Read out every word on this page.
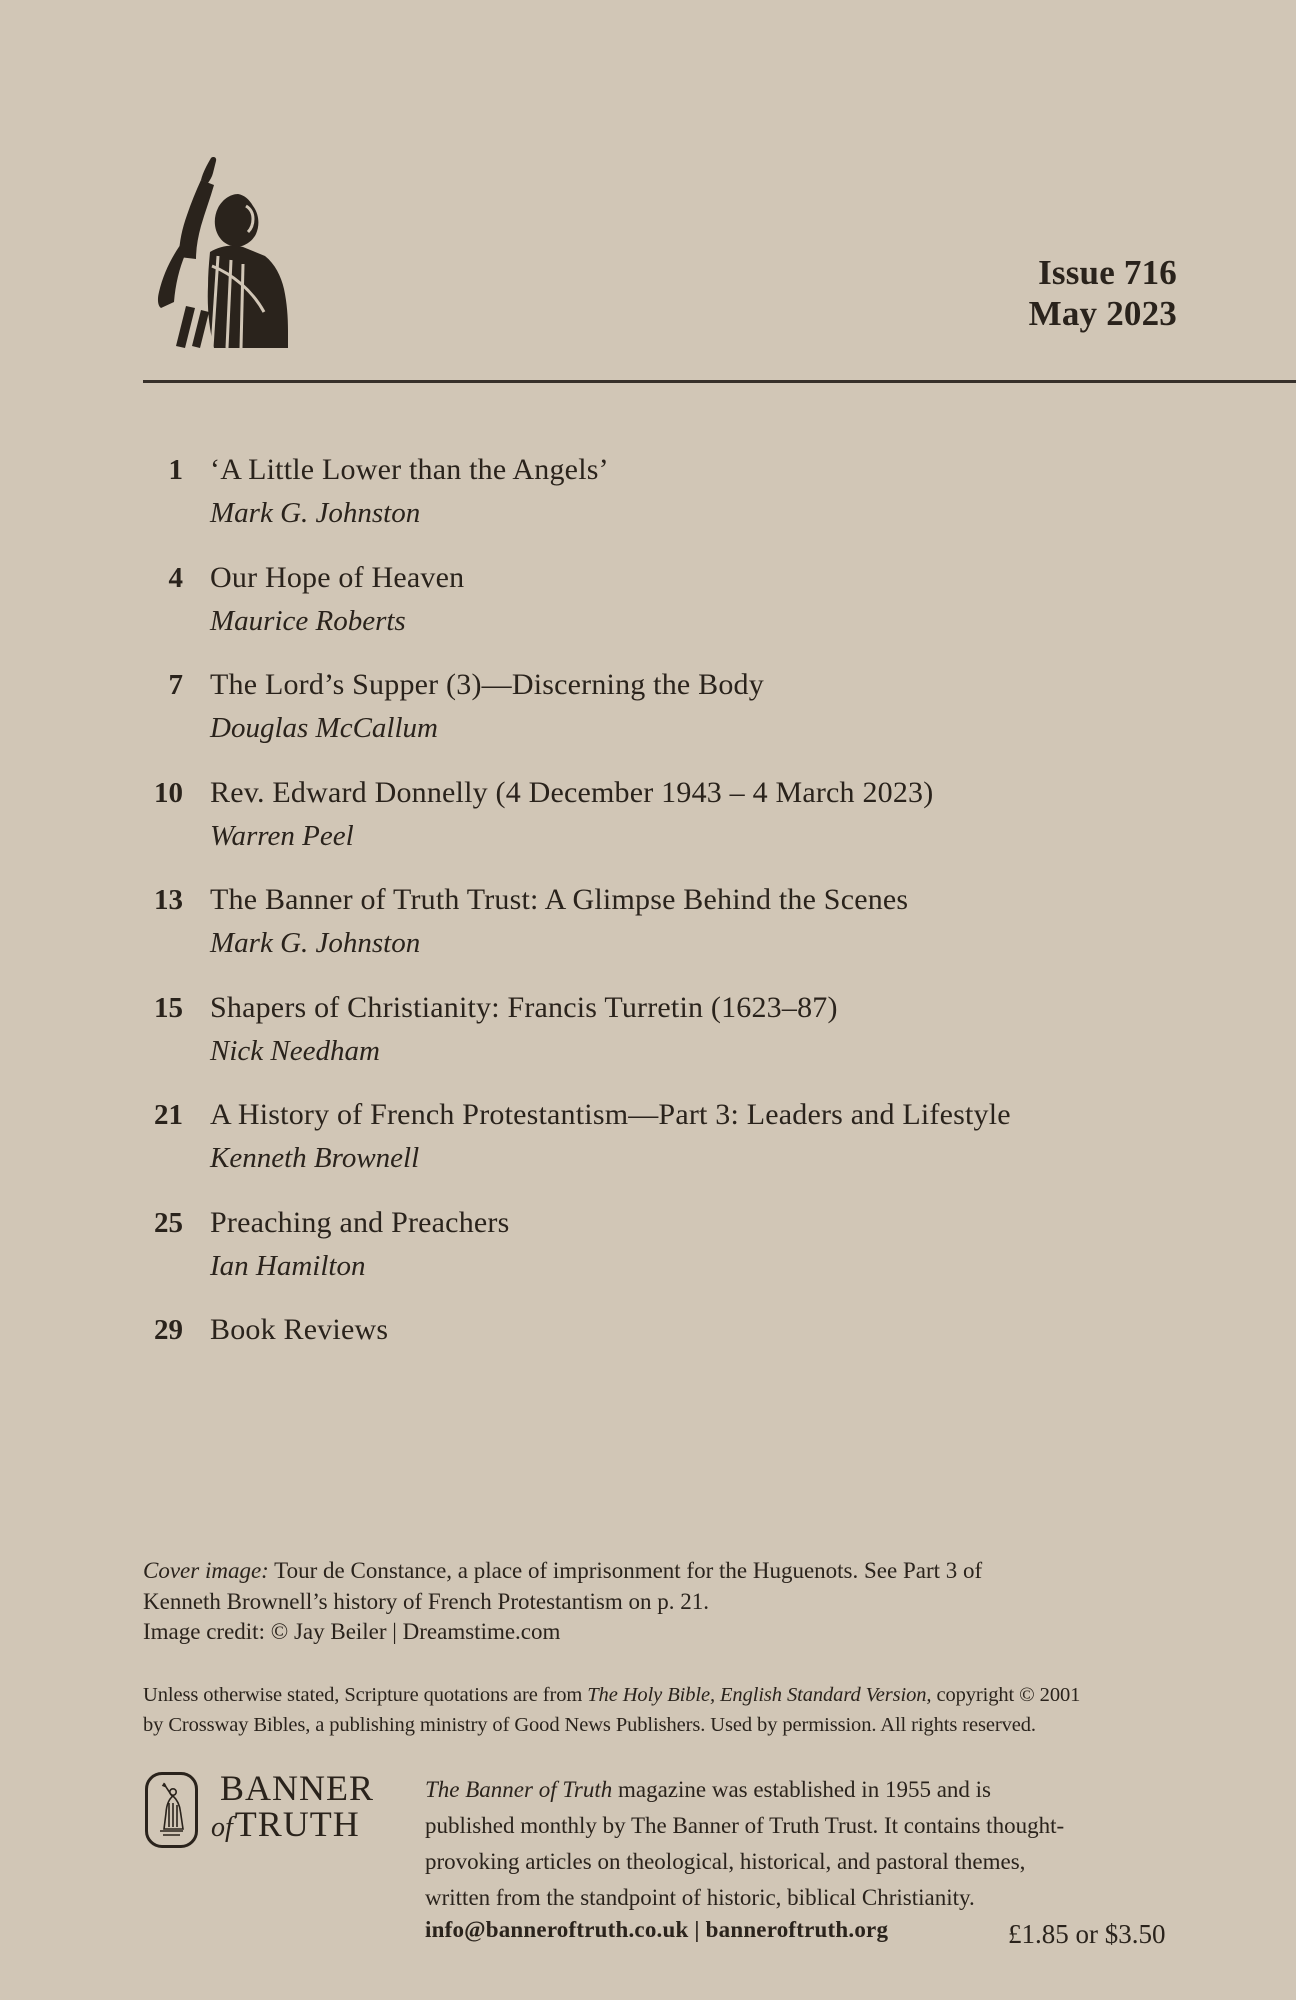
Issue 716
May 2023
1 ‘A Little Lower than the Angels’
Mark G. Johnston
4 Our Hope of Heaven
Maurice Roberts
7 The Lord’s Supper (3)—Discerning the Body
Douglas McCallum
10 Rev. Edward Donnelly (4 December 1943 – 4 March 2023)
Warren Peel
13 The Banner of Truth Trust: A Glimpse Behind the Scenes
Mark G. Johnston
15 Shapers of Christianity: Francis Turretin (1623–87)
Nick Needham
21 A History of French Protestantism—Part 3: Leaders and Lifestyle
Kenneth Brownell
25 Preaching and Preachers
Ian Hamilton
29 Book Reviews
Cover image: Tour de Constance, a place of imprisonment for the Huguenots. See Part 3 of
Kenneth Brownell’s history of French Protestantism on p. 21.
Image credit: © Jay Beiler | Dreamstime.com
Unless otherwise stated, Scripture quotations are from The Holy Bible, English Standard Version, copyright © 2001
by Crossway Bibles, a publishing ministry of Good News Publishers. Used by permission. All rights reserved.
BANNER
ofTRUTH
The Banner of Truth magazine was established in 1955 and is
published monthly by The Banner of Truth Trust. It contains thought-
provoking articles on theological, historical, and pastoral themes,
written from the standpoint of historic, biblical Christianity.
info@banneroftruth.co.uk | banneroftruth.org	£1.85 or $3.50
